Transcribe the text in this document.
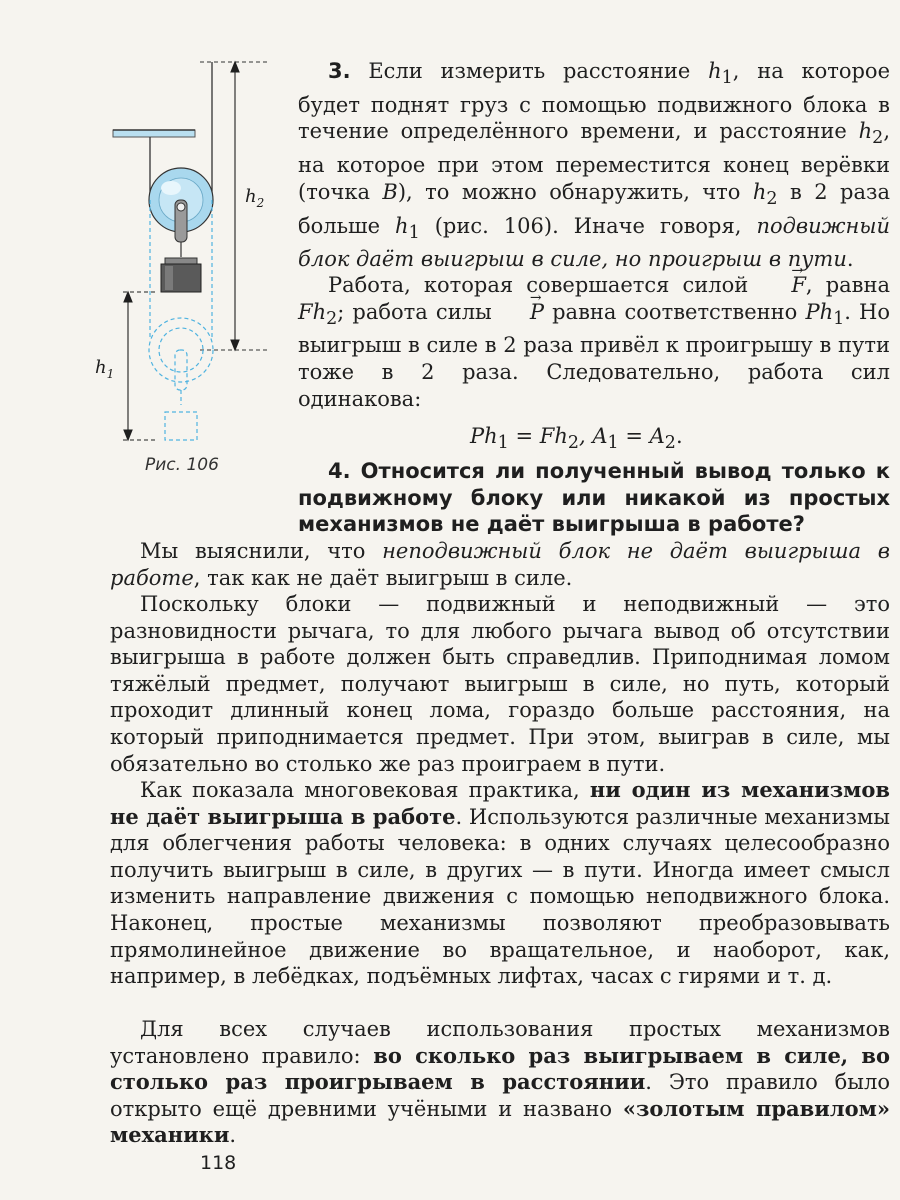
$h_2$
$h_1$
Рис. 106
3. Если измерить расстояние $h_1$, на которое будет поднят груз с помощью подвижного блока в течение определённого времени, и расстояние $h_2$, на которое при этом переместится конец верёвки (точка B), то можно обнаружить, что $h_2$ в 2 раза больше $h_1$ (рис. 106). Иначе говоря, подвижный блок даёт выигрыш в силе, но проигрыш в пути.
Работа, которая совершается силой → F, равна $Fh_2$; работа силы → P равна соответственно $Ph_1$. Но выигрыш в силе в 2 раза привёл к проигрышу в пути тоже в 2 раза. Следовательно, работа сил одинакова:
$Ph_1 = Fh_2$, $A_1 = A_2$.
4. Относится ли полученный вывод только к подвижному блоку или никакой из простых механизмов не даёт выигрыша в работе?
Мы выяснили, что неподвижный блок не даёт выигрыша в работе, так как не даёт выигрыш в силе.
Поскольку блоки — подвижный и неподвижный — это разновидности рычага, то для любого рычага вывод об отсутствии выигрыша в работе должен быть справедлив. Приподнимая ломом тяжёлый предмет, получают выигрыш в силе, но путь, который проходит длинный конец лома, гораздо больше расстояния, на который приподнимается предмет. При этом, выиграв в силе, мы обязательно во столько же раз проиграем в пути.
Как показала многовековая практика, ни один из механизмов не даёт выигрыша в работе. Используются различные механизмы для облегчения работы человека: в одних случаях целесообразно получить выигрыш в силе, в других — в пути. Иногда имеет смысл изменить направление движения с помощью неподвижного блока. Наконец, простые механизмы позволяют преобразовывать прямолинейное движение во вращательное, и наоборот, как, например, в лебёдках, подъёмных лифтах, часах с гирями и т. д.
Для всех случаев использования простых механизмов установлено правило: во сколько раз выигрываем в силе, во столько раз проигрываем в расстоянии. Это правило было открыто ещё древними учёными и названо «золотым правилом» механики.
118
